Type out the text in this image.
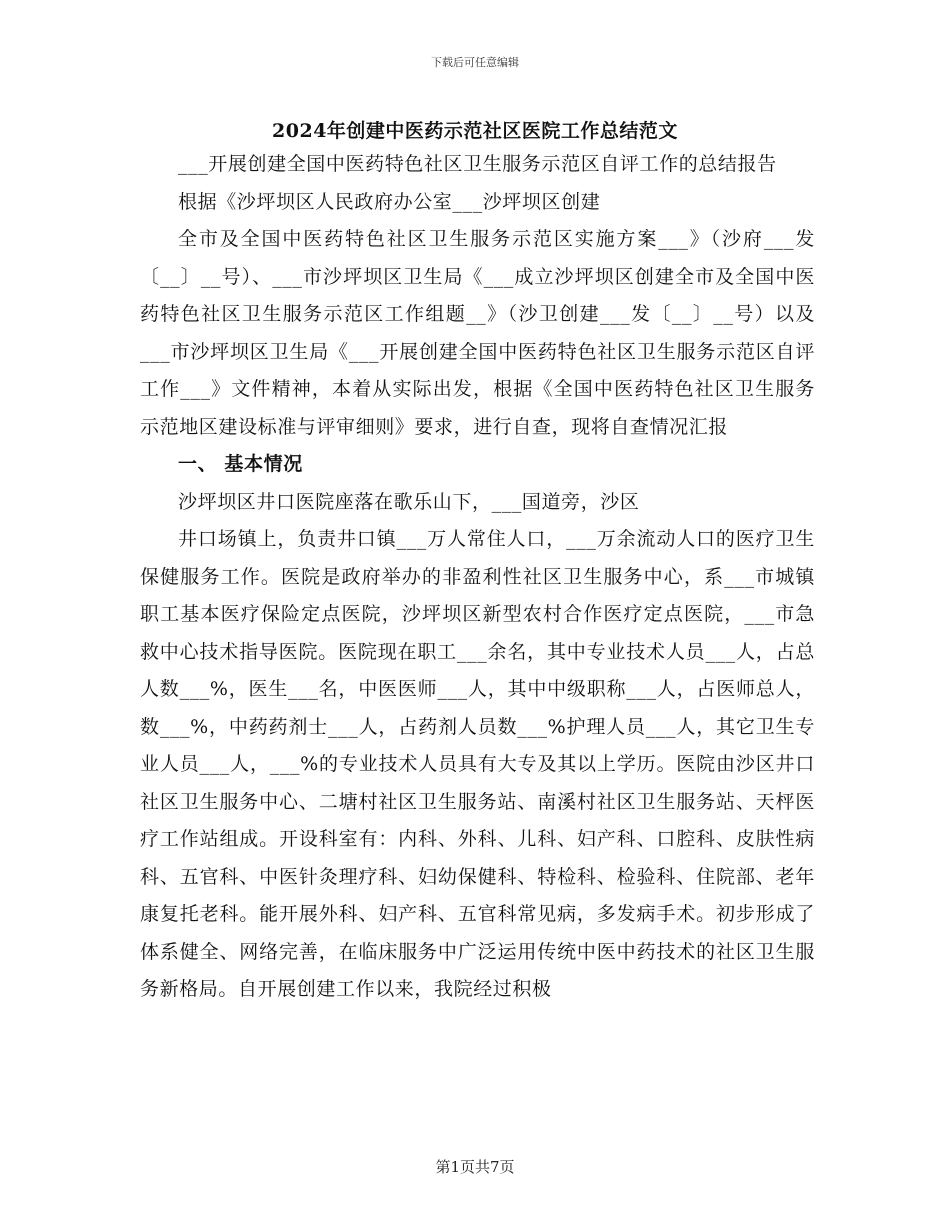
下载后可任意编辑
2024年创建中医药示范社区医院工作总结范文

___开展创建全国中医药特色社区卫生服务示范区自评工作的总结报告

根据《沙坪坝区人民政府办公室___沙坪坝区创建

全市及全国中医药特色社区卫生服务示范区实施方案___》（沙府___发〔__〕__号）、___市沙坪坝区卫生局《___成立沙坪坝区创建全市及全国中医药特色社区卫生服务示范区工作组题__》（沙卫创建___发〔__〕__号）以及___市沙坪坝区卫生局《___开展创建全国中医药特色社区卫生服务示范区自评工作___》文件精神，本着从实际出发，根据《全国中医药特色社区卫生服务示范地区建设标准与评审细则》要求，进行自查，现将自查情况汇报

一、 基本情况

沙坪坝区井口医院座落在歌乐山下，___国道旁，沙区

井口场镇上，负责井口镇___万人常住人口，___万余流动人口的医疗卫生保健服务工作。医院是政府举办的非盈利性社区卫生服务中心，系___市城镇职工基本医疗保险定点医院，沙坪坝区新型农村合作医疗定点医院，___市急救中心技术指导医院。医院现在职工___余名，其中专业技术人员___人，占总人数___%，医生___名，中医医师___人，其中中级职称___人，占医师总人，数___%，中药药剂士___人，占药剂人员数___%护理人员___人，其它卫生专业人员___人，___%的专业技术人员具有大专及其以上学历。医院由沙区井口社区卫生服务中心、二塘村社区卫生服务站、南溪村社区卫生服务站、天枰医疗工作站组成。开设科室有：内科、外科、儿科、妇产科、口腔科、皮肤性病科、五官科、中医针灸理疗科、妇幼保健科、特检科、检验科、住院部、老年康复托老科。能开展外科、妇产科、五官科常见病，多发病手术。初步形成了体系健全、网络完善，在临床服务中广泛运用传统中医中药技术的社区卫生服务新格局。自开展创建工作以来，我院经过积极

第1页共7页
